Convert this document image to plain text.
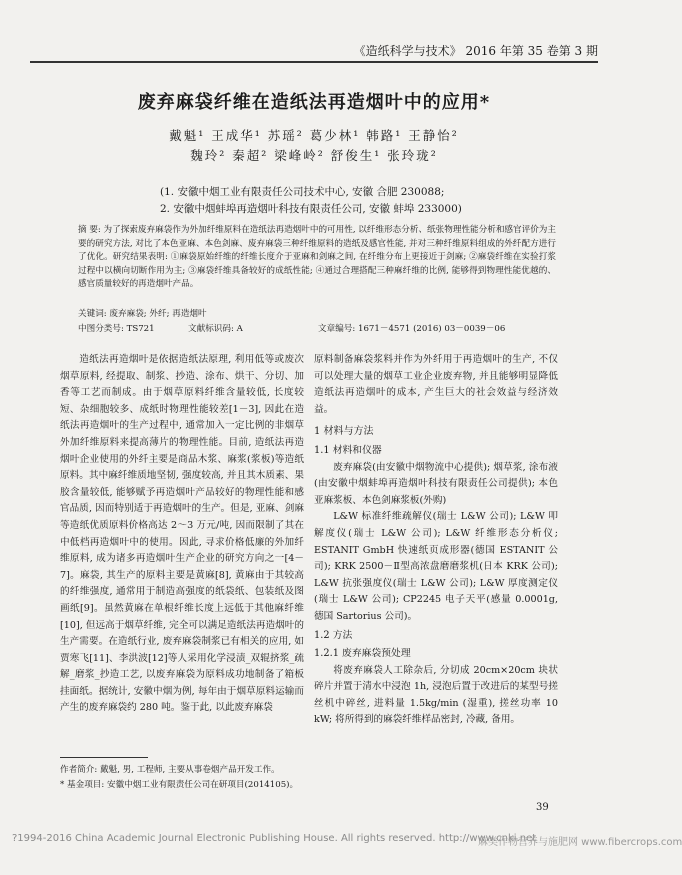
《造纸科学与技术》 2016 年第 35 卷第 3 期
废弃麻袋纤维在造纸法再造烟叶中的应用*
戴魁¹ 王成华¹ 苏瑶² 葛少林¹ 韩路¹ 王静怡²
魏玲² 秦超² 梁峰岭² 舒俊生¹ 张玲珑²
(1. 安徽中烟工业有限责任公司技术中心, 安徽 合肥 230088;
2. 安徽中烟蚌埠再造烟叶科技有限责任公司, 安徽 蚌埠 233000)
摘 要: 为了探索废弃麻袋作为外加纤维原料在造纸法再造烟叶中的可用性, 以纤维形态分析、纸张物理性能分析和感官评价为主要的研究方法, 对比了本色亚麻、本色剑麻、废弃麻袋三种纤维原料的造纸及感官性能, 并对三种纤维原料组成的外纤配方进行了优化。研究结果表明: ①麻袋原始纤维的纤维长度介于亚麻和剑麻之间, 在纤维分布上更接近于剑麻; ②麻袋纤维在实验打浆过程中以横向切断作用为主; ③麻袋纤维具备较好的成纸性能; ④通过合理搭配三种麻纤维的比例, 能够得到物理性能优越的、感官质量较好的再造烟叶产品。
关键词: 废弃麻袋; 外纤; 再造烟叶
中图分类号: TS721	文献标识码: A	文章编号: 1671－4571 (2016) 03－0039－06

造纸法再造烟叶是依据造纸法原理, 利用低等或废次烟草原料, 经提取、制浆、抄造、涂布、烘干、分切、加香等工艺而制成。由于烟草原料纤维含量较低, 长度较短、杂细胞较多、成纸时物理性能较差[1－3], 因此在造纸法再造烟叶的生产过程中, 通常加入一定比例的非烟草外加纤维原料来提高薄片的物理性能。目前, 造纸法再造烟叶企业使用的外纤主要是商品木浆、麻浆(浆板)等造纸原料。其中麻纤维质地坚韧, 强度较高, 并且其木质素、果胶含量较低, 能够赋予再造烟叶产品较好的物理性能和感官品质, 因而特别适于再造烟叶的生产。但是, 亚麻、剑麻等造纸优质原料价格高达 2～3 万元/吨, 因而限制了其在中低档再造烟叶中的使用。因此, 寻求价格低廉的外加纤维原料, 成为诸多再造烟叶生产企业的研究方向之一[4－7]。麻袋, 其生产的原料主要是黄麻[8], 黄麻由于其较高的纤维强度, 通常用于制造高强度的纸袋纸、包装纸及图画纸[9]。虽然黄麻在单根纤维长度上远低于其他麻纤维[10], 但远高于烟草纤维, 完全可以满足造纸法再造烟叶的生产需要。在造纸行业, 废弃麻袋制浆已有相关的应用, 如贾寒飞[11]、李洪波[12]等人采用化学浸渍_双辊挤浆_疏解_磨浆_抄造工艺, 以废弃麻袋为原料成功地制备了箱板挂面纸。据统计, 安徽中烟为例, 每年由于烟草原料运输而产生的废弃麻袋约 280 吨。鉴于此, 以此废弃麻袋

原料制备麻袋浆料并作为外纤用于再造烟叶的生产, 不仅可以处理大量的烟草工业企业废弃物, 并且能够明显降低造纸法再造烟叶的成本, 产生巨大的社会效益与经济效益。

1 材料与方法
1.1 材料和仪器

废弃麻袋(由安徽中烟物流中心提供); 烟草浆, 涂布液(由安徽中烟蚌埠再造烟叶科技有限责任公司提供); 本色亚麻浆板、本色剑麻浆板(外购)

L&W 标准纤维疏解仪(瑞士 L&W 公司); L&W 叩解度仪(瑞士 L&W 公司); L&W 纤维形态分析仪; ESTANIT GmbH 快速纸页成形器(德国 ESTANIT 公司); KRK 2500－Ⅱ型高浓盘磨磨浆机(日本 KRK 公司); L&W 抗张强度仪(瑞士 L&W 公司); L&W 厚度测定仪(瑞士 L&W 公司); CP2245 电子天平(感量 0.0001g, 德国 Sartorius 公司)。

1.2 方法
1.2.1 废弃麻袋预处理

将废弃麻袋人工除杂后, 分切成 20cm×20cm 块状碎片并置于清水中浸泡 1h, 浸泡后置于改进后的某型号搓丝机中碎丝, 进料量 1.5kg/min (湿重), 搓丝功率 10 kW; 将所得到的麻袋纤维样品密封, 冷藏, 备用。

作者简介: 戴魁, 男, 工程师, 主要从事卷烟产品开发工作。
* 基金项目: 安徽中烟工业有限责任公司在研项目(2014105)。
39
?1994-2016 China Academic Journal Electronic Publishing House. All rights reserved. http://www.cnki.net
麻类作物营养与施肥网 www.fibercrops.com
